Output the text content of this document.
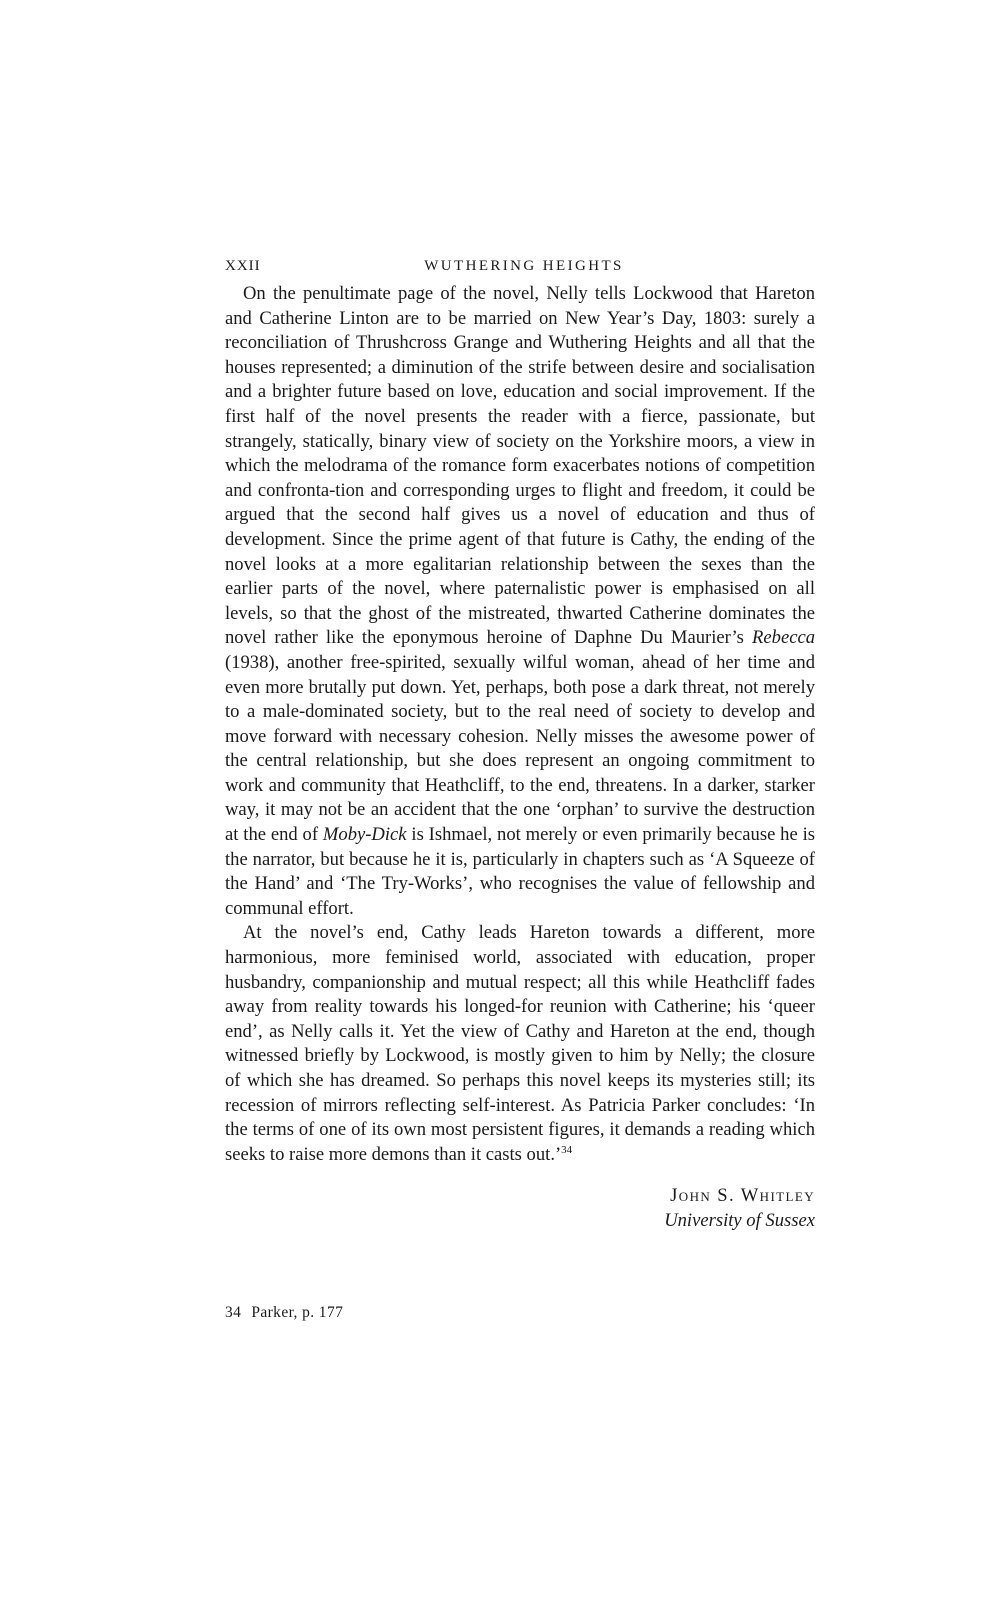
XXII	WUTHERING HEIGHTS

On the penultimate page of the novel, Nelly tells Lockwood that Hareton and Catherine Linton are to be married on New Year’s Day, 1803: surely a reconciliation of Thrushcross Grange and Wuthering Heights and all that the houses represented; a diminution of the strife between desire and socialisation and a brighter future based on love, education and social improvement. If the first half of the novel presents the reader with a fierce, passionate, but strangely, statically, binary view of society on the Yorkshire moors, a view in which the melodrama of the romance form exacerbates notions of competition and confronta-tion and corresponding urges to flight and freedom, it could be argued that the second half gives us a novel of education and thus of development. Since the prime agent of that future is Cathy, the ending of the novel looks at a more egalitarian relationship between the sexes than the earlier parts of the novel, where paternalistic power is emphasised on all levels, so that the ghost of the mistreated, thwarted Catherine dominates the novel rather like the eponymous heroine of Daphne Du Maurier’s Rebecca (1938), another free-spirited, sexually wilful woman, ahead of her time and even more brutally put down. Yet, perhaps, both pose a dark threat, not merely to a male-dominated society, but to the real need of society to develop and move forward with necessary cohesion. Nelly misses the awesome power of the central relationship, but she does represent an ongoing commitment to work and community that Heathcliff, to the end, threatens. In a darker, starker way, it may not be an accident that the one ‘orphan’ to survive the destruction at the end of Moby-Dick is Ishmael, not merely or even primarily because he is the narrator, but because he it is, particularly in chapters such as ‘A Squeeze of the Hand’ and ‘The Try-Works’, who recognises the value of fellowship and communal effort.

At the novel’s end, Cathy leads Hareton towards a different, more harmonious, more feminised world, associated with education, proper husbandry, companionship and mutual respect; all this while Heathcliff fades away from reality towards his longed-for reunion with Catherine; his ‘queer end’, as Nelly calls it. Yet the view of Cathy and Hareton at the end, though witnessed briefly by Lockwood, is mostly given to him by Nelly; the closure of which she has dreamed. So perhaps this novel keeps its mysteries still; its recession of mirrors reflecting self-interest. As Patricia Parker concludes: ‘In the terms of one of its own most persistent figures, it demands a reading which seeks to raise more demons than it casts out.’$^{34}$

John S. Whitley
University of Sussex
34 Parker, p. 177
